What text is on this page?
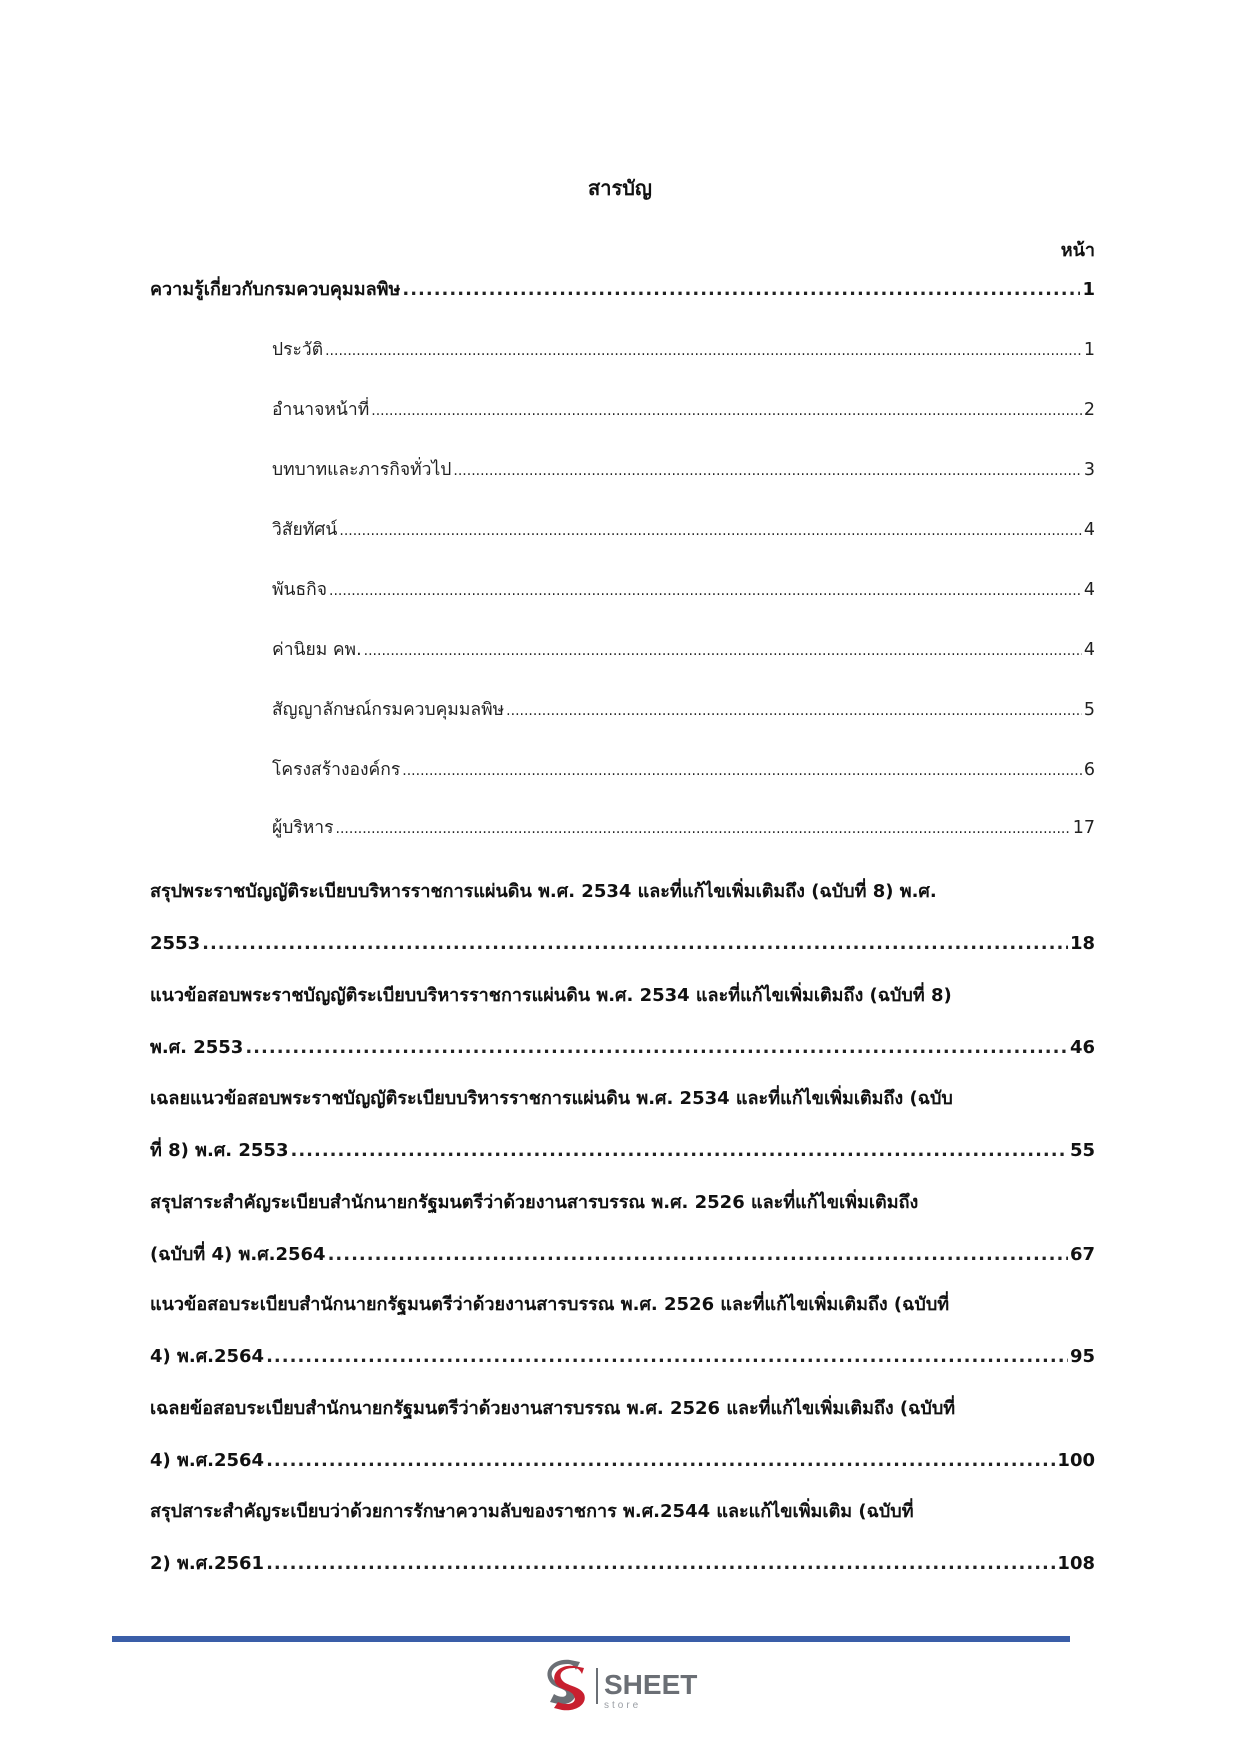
สารบัญ
หน้า
ความรู้เกี่ยวกับกรมควบคุมมลพิษ .....	1
ประวัติ .....	1
อำนาจหน้าที่ .....	2
บทบาทและภารกิจทั่วไป .....	3
วิสัยทัศน์ .....	4
พันธกิจ .....	4
ค่านิยม คพ. .....	4
สัญญาลักษณ์กรมควบคุมมลพิษ .....	5
โครงสร้างองค์กร .....	6
ผู้บริหาร .....	17
สรุปพระราชบัญญัติระเบียบบริหารราชการแผ่นดิน พ.ศ. 2534 และที่แก้ไขเพิ่มเติมถึง (ฉบับที่ 8) พ.ศ.
2553 .....	18
แนวข้อสอบพระราชบัญญัติระเบียบบริหารราชการแผ่นดิน พ.ศ. 2534 และที่แก้ไขเพิ่มเติมถึง (ฉบับที่ 8)
พ.ศ. 2553 .....	46
เฉลยแนวข้อสอบพระราชบัญญัติระเบียบบริหารราชการแผ่นดิน พ.ศ. 2534 และที่แก้ไขเพิ่มเติมถึง (ฉบับ
ที่ 8) พ.ศ. 2553 .....	55
สรุปสาระสำคัญระเบียบสำนักนายกรัฐมนตรีว่าด้วยงานสารบรรณ พ.ศ. 2526 และที่แก้ไขเพิ่มเติมถึง
(ฉบับที่ 4) พ.ศ.2564 .....	67
แนวข้อสอบระเบียบสำนักนายกรัฐมนตรีว่าด้วยงานสารบรรณ พ.ศ. 2526 และที่แก้ไขเพิ่มเติมถึง (ฉบับที่
4) พ.ศ.2564 .....	95
เฉลยข้อสอบระเบียบสำนักนายกรัฐมนตรีว่าด้วยงานสารบรรณ พ.ศ. 2526 และที่แก้ไขเพิ่มเติมถึง (ฉบับที่
4) พ.ศ.2564 .....	100
สรุปสาระสำคัญระเบียบว่าด้วยการรักษาความลับของราชการ พ.ศ.2544 และแก้ไขเพิ่มเติม (ฉบับที่
2) พ.ศ.2561 .....	108
SHEET
store
